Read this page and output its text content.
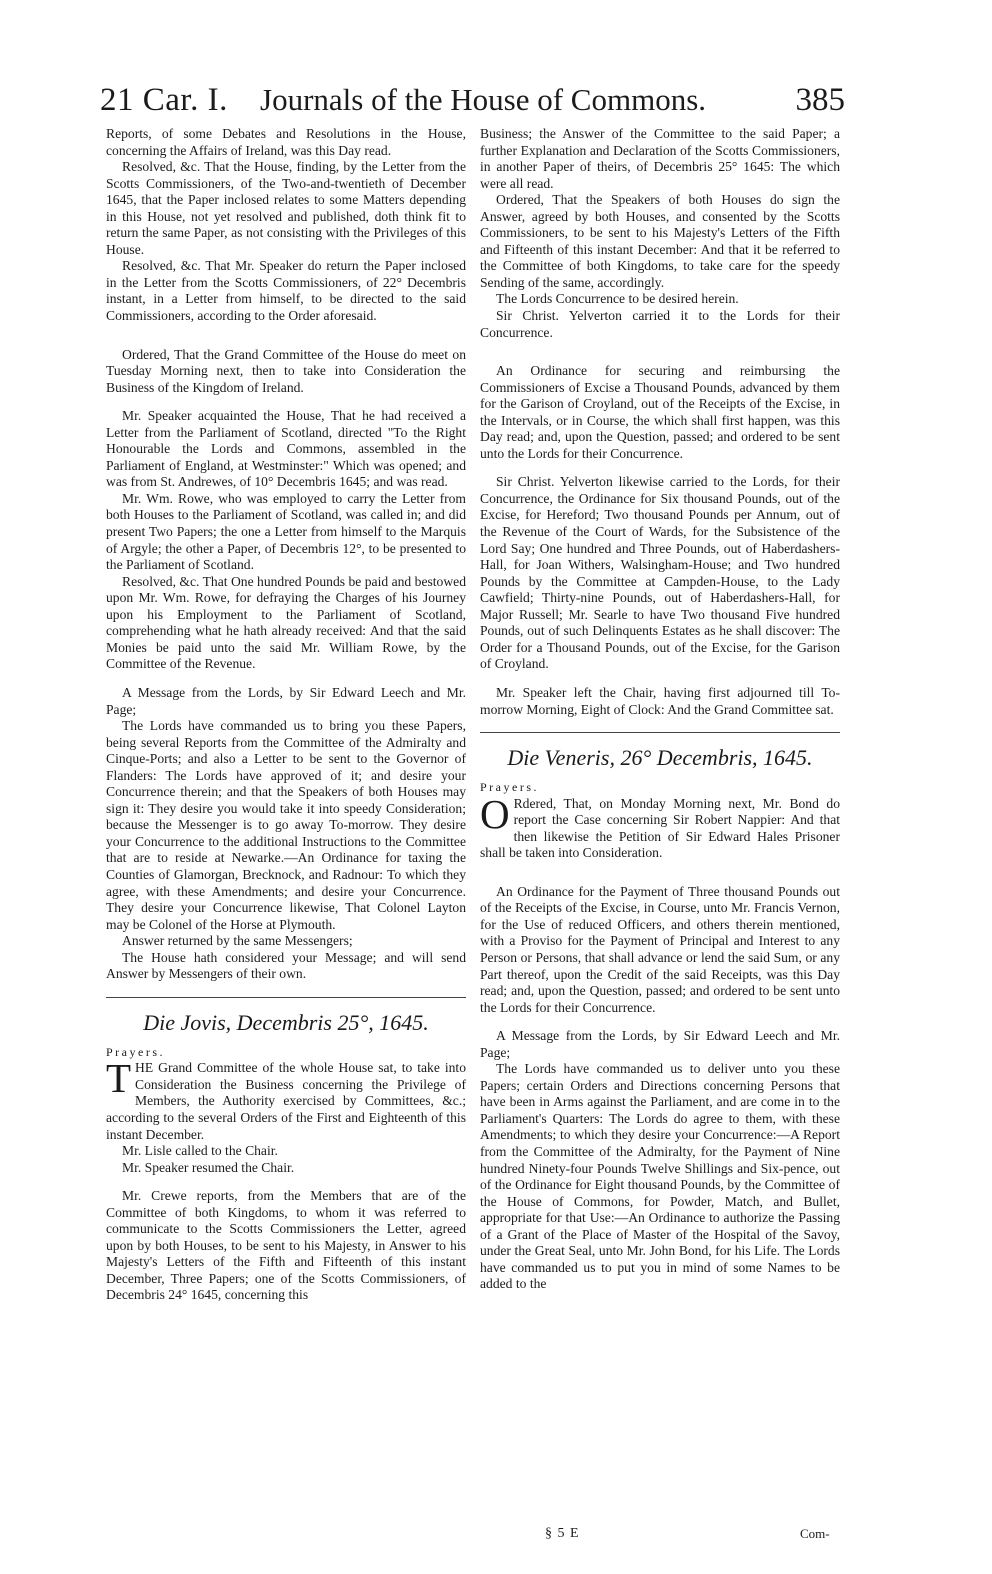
21 Car. I. Journals of the House of Commons.	385

Reports, of some Debates and Resolutions in the House, concerning the Affairs of Ireland, was this Day read.

Resolved, &c. That the House, finding, by the Letter from the Scotts Commissioners, of the Two-and-twentieth of December 1645, that the Paper inclosed relates to some Matters depending in this House, not yet resolved and published, doth think fit to return the same Paper, as not consisting with the Privileges of this House.

Resolved, &c. That Mr. Speaker do return the Paper inclosed in the Letter from the Scotts Commissioners, of 22° Decembris instant, in a Letter from himself, to be directed to the said Commissioners, according to the Order aforesaid.

Ordered, That the Grand Committee of the House do meet on Tuesday Morning next, then to take into Consideration the Business of the Kingdom of Ireland.

Mr. Speaker acquainted the House, That he had received a Letter from the Parliament of Scotland, directed "To the Right Honourable the Lords and Commons, assembled in the Parliament of England, at Westminster:" Which was opened; and was from St. Andrewes, of 10° Decembris 1645; and was read.

Mr. Wm. Rowe, who was employed to carry the Letter from both Houses to the Parliament of Scotland, was called in; and did present Two Papers; the one a Letter from himself to the Marquis of Argyle; the other a Paper, of Decembris 12°, to be presented to the Parliament of Scotland.

Resolved, &c. That One hundred Pounds be paid and bestowed upon Mr. Wm. Rowe, for defraying the Charges of his Journey upon his Employment to the Parliament of Scotland, comprehending what he hath already received: And that the said Monies be paid unto the said Mr. William Rowe, by the Committee of the Revenue.

A Message from the Lords, by Sir Edward Leech and Mr. Page;

The Lords have commanded us to bring you these Papers, being several Reports from the Committee of the Admiralty and Cinque-Ports; and also a Letter to be sent to the Governor of Flanders: The Lords have approved of it; and desire your Concurrence therein; and that the Speakers of both Houses may sign it: They desire you would take it into speedy Consideration; because the Messenger is to go away To-morrow. They desire your Concurrence to the additional Instructions to the Committee that are to reside at Newarke.—An Ordinance for taxing the Counties of Glamorgan, Brecknock, and Radnour: To which they agree, with these Amendments; and desire your Concurrence. They desire your Concurrence likewise, That Colonel Layton may be Colonel of the Horse at Plymouth.

Answer returned by the same Messengers;

The House hath considered your Message; and will send Answer by Messengers of their own.

Die Jovis, Decembris 25°, 1645.

Prayers.

THE Grand Committee of the whole House sat, to take into Consideration the Business concerning the Privilege of Members, the Authority exercised by Committees, &c.; according to the several Orders of the First and Eighteenth of this instant December.

Mr. Lisle called to the Chair.

Mr. Speaker resumed the Chair.

Mr. Crewe reports, from the Members that are of the Committee of both Kingdoms, to whom it was referred to communicate to the Scotts Commissioners the Letter, agreed upon by both Houses, to be sent to his Majesty, in Answer to his Majesty's Letters of the Fifth and Fifteenth of this instant December, Three Papers; one of the Scotts Commissioners, of Decembris 24° 1645, concerning this

Business; the Answer of the Committee to the said Paper; a further Explanation and Declaration of the Scotts Commissioners, in another Paper of theirs, of Decembris 25° 1645: The which were all read.

Ordered, That the Speakers of both Houses do sign the Answer, agreed by both Houses, and consented by the Scotts Commissioners, to be sent to his Majesty's Letters of the Fifth and Fifteenth of this instant December: And that it be referred to the Committee of both Kingdoms, to take care for the speedy Sending of the same, accordingly.

The Lords Concurrence to be desired herein.

Sir Christ. Yelverton carried it to the Lords for their Concurrence.

An Ordinance for securing and reimbursing the Commissioners of Excise a Thousand Pounds, advanced by them for the Garison of Croyland, out of the Receipts of the Excise, in the Intervals, or in Course, the which shall first happen, was this Day read; and, upon the Question, passed; and ordered to be sent unto the Lords for their Concurrence.

Sir Christ. Yelverton likewise carried to the Lords, for their Concurrence, the Ordinance for Six thousand Pounds, out of the Excise, for Hereford; Two thousand Pounds per Annum, out of the Revenue of the Court of Wards, for the Subsistence of the Lord Say; One hundred and Three Pounds, out of Haberdashers-Hall, for Joan Withers, Walsingham-House; and Two hundred Pounds by the Committee at Campden-House, to the Lady Cawfield; Thirty-nine Pounds, out of Haberdashers-Hall, for Major Russell; Mr. Searle to have Two thousand Five hundred Pounds, out of such Delinquents Estates as he shall discover: The Order for a Thousand Pounds, out of the Excise, for the Garison of Croyland.

Mr. Speaker left the Chair, having first adjourned till To-morrow Morning, Eight of Clock: And the Grand Committee sat.

Die Veneris, 26° Decembris, 1645.

Prayers.

O Rdered, That, on Monday Morning next, Mr. Bond do report the Case concerning Sir Robert Nappier: And that then likewise the Petition of Sir Edward Hales Prisoner shall be taken into Consideration.

An Ordinance for the Payment of Three thousand Pounds out of the Receipts of the Excise, in Course, unto Mr. Francis Vernon, for the Use of reduced Officers, and others therein mentioned, with a Proviso for the Payment of Principal and Interest to any Person or Persons, that shall advance or lend the said Sum, or any Part thereof, upon the Credit of the said Receipts, was this Day read; and, upon the Question, passed; and ordered to be sent unto the Lords for their Concurrence.

A Message from the Lords, by Sir Edward Leech and Mr. Page;

The Lords have commanded us to deliver unto you these Papers; certain Orders and Directions concerning Persons that have been in Arms against the Parliament, and are come in to the Parliament's Quarters: The Lords do agree to them, with these Amendments; to which they desire your Concurrence:—A Report from the Committee of the Admiralty, for the Payment of Nine hundred Ninety-four Pounds Twelve Shillings and Six-pence, out of the Ordinance for Eight thousand Pounds, by the Committee of the House of Commons, for Powder, Match, and Bullet, appropriate for that Use:—An Ordinance to authorize the Passing of a Grant of the Place of Master of the Hospital of the Savoy, under the Great Seal, unto Mr. John Bond, for his Life. The Lords have commanded us to put you in mind of some Names to be added to the

§ 5 E	Com-
